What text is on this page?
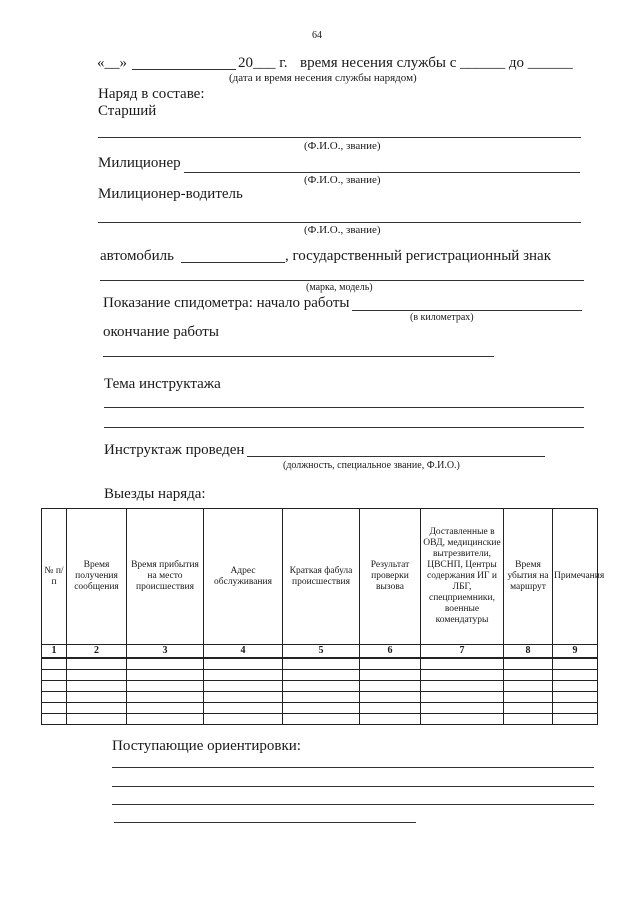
64
«__»	20___ г. время несения службы с ______ до ______
(дата и время несения службы нарядом)
Наряд в составе:
Старший
(Ф.И.О., звание)
Милиционер
(Ф.И.О., звание)
Милиционер-водитель
(Ф.И.О., звание)
автомобиль	, государственный регистрационный знак
(марка, модель)
Показание спидометра: начало работы
(в километрах)
окончание работы
Тема инструктажа
Инструктаж проведен
(должность, специальное звание, Ф.И.О.)
Выезды наряда:
№ п/п	Время получения сообщения	Время прибытия на место происшествия	Адрес обслуживания	Краткая фабула происшествия	Результат проверки вызова	Доставленные в ОВД, медицинские вытрезвители, ЦВСНП, Центры содержания ИГ и ЛБГ, спецприемники, военные комендатуры	Время убытия на маршрут	Примечания
1	2	3	4	5	6	7	8	9

Поступающие ориентировки:
